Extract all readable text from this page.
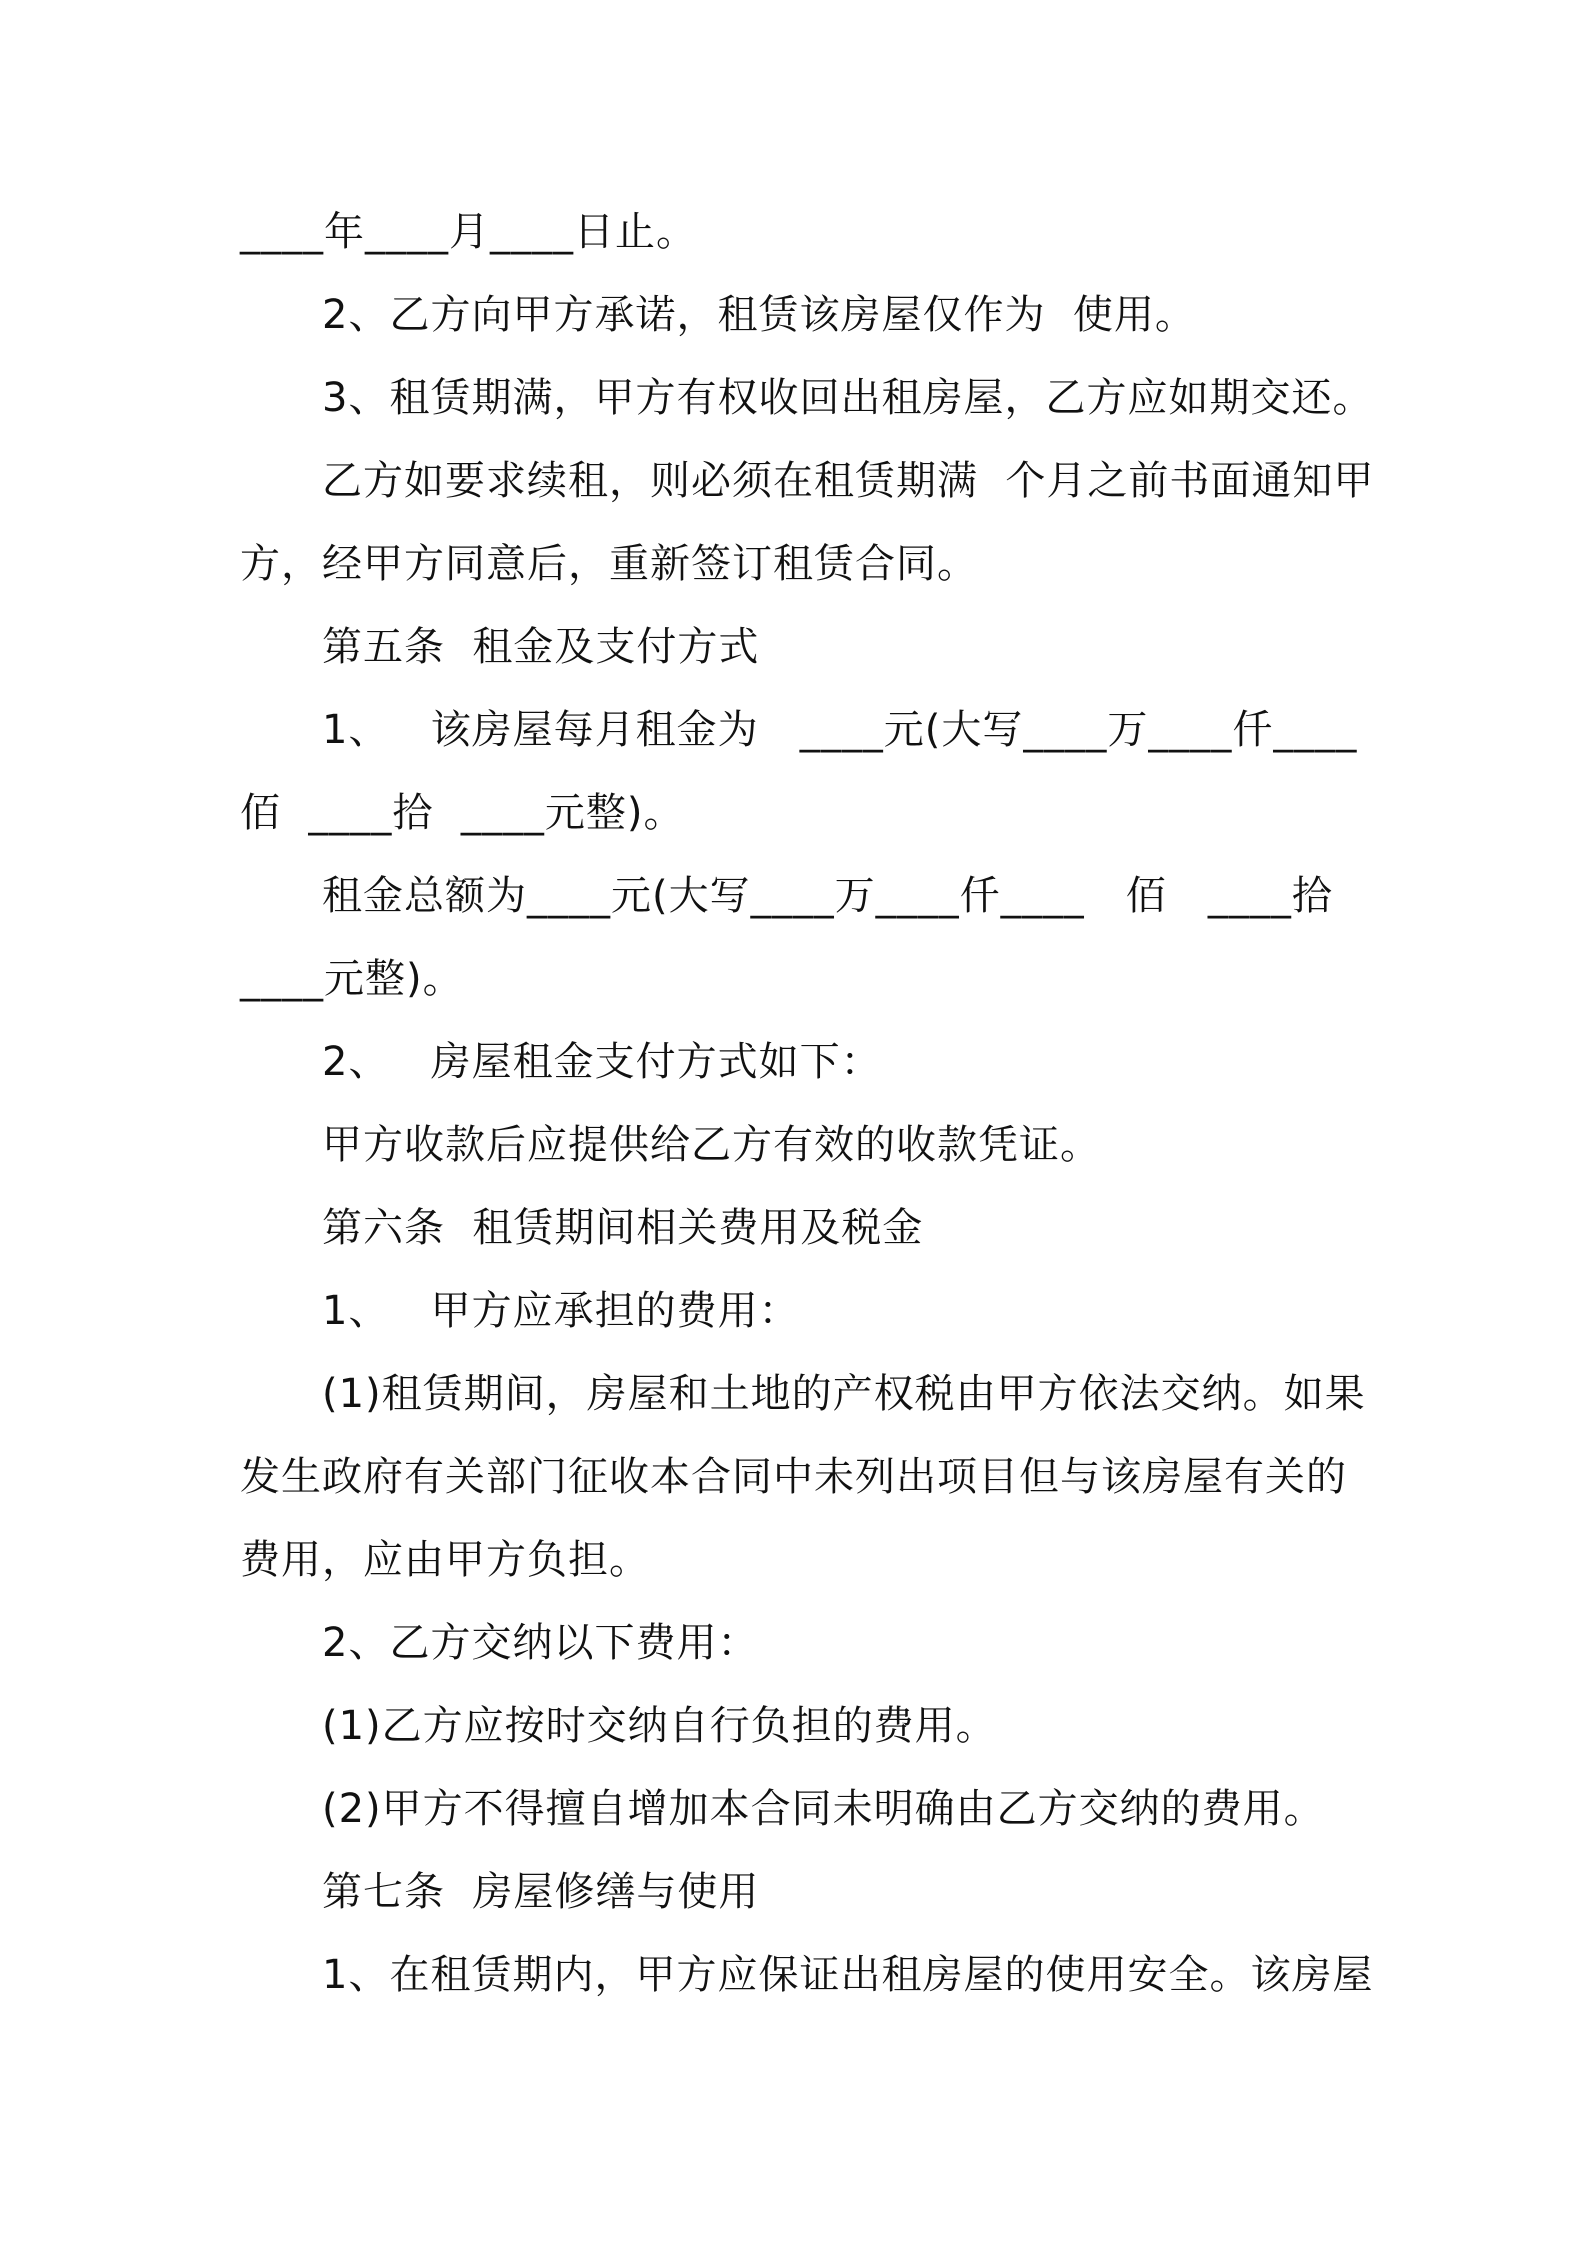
____年____月____日止。
2、乙方向甲方承诺，租赁该房屋仅作为  使用。
3、租赁期满，甲方有权收回出租房屋，乙方应如期交还。
乙方如要求续租，则必须在租赁期满  个月之前书面通知甲
方，经甲方同意后，重新签订租赁合同。
第五条  租金及支付方式
1、   该房屋每月租金为   ____元(大写____万____仟____
佰  ____拾  ____元整)。
租金总额为____元(大写____万____仟____   佰   ____拾
____元整)。
2、   房屋租金支付方式如下：
甲方收款后应提供给乙方有效的收款凭证。
第六条  租赁期间相关费用及税金
1、   甲方应承担的费用：
(1)租赁期间，房屋和土地的产权税由甲方依法交纳。如果
发生政府有关部门征收本合同中未列出项目但与该房屋有关的
费用，应由甲方负担。
2、乙方交纳以下费用：
(1)乙方应按时交纳自行负担的费用。
(2)甲方不得擅自增加本合同未明确由乙方交纳的费用。
第七条  房屋修缮与使用
1、在租赁期内，甲方应保证出租房屋的使用安全。该房屋
